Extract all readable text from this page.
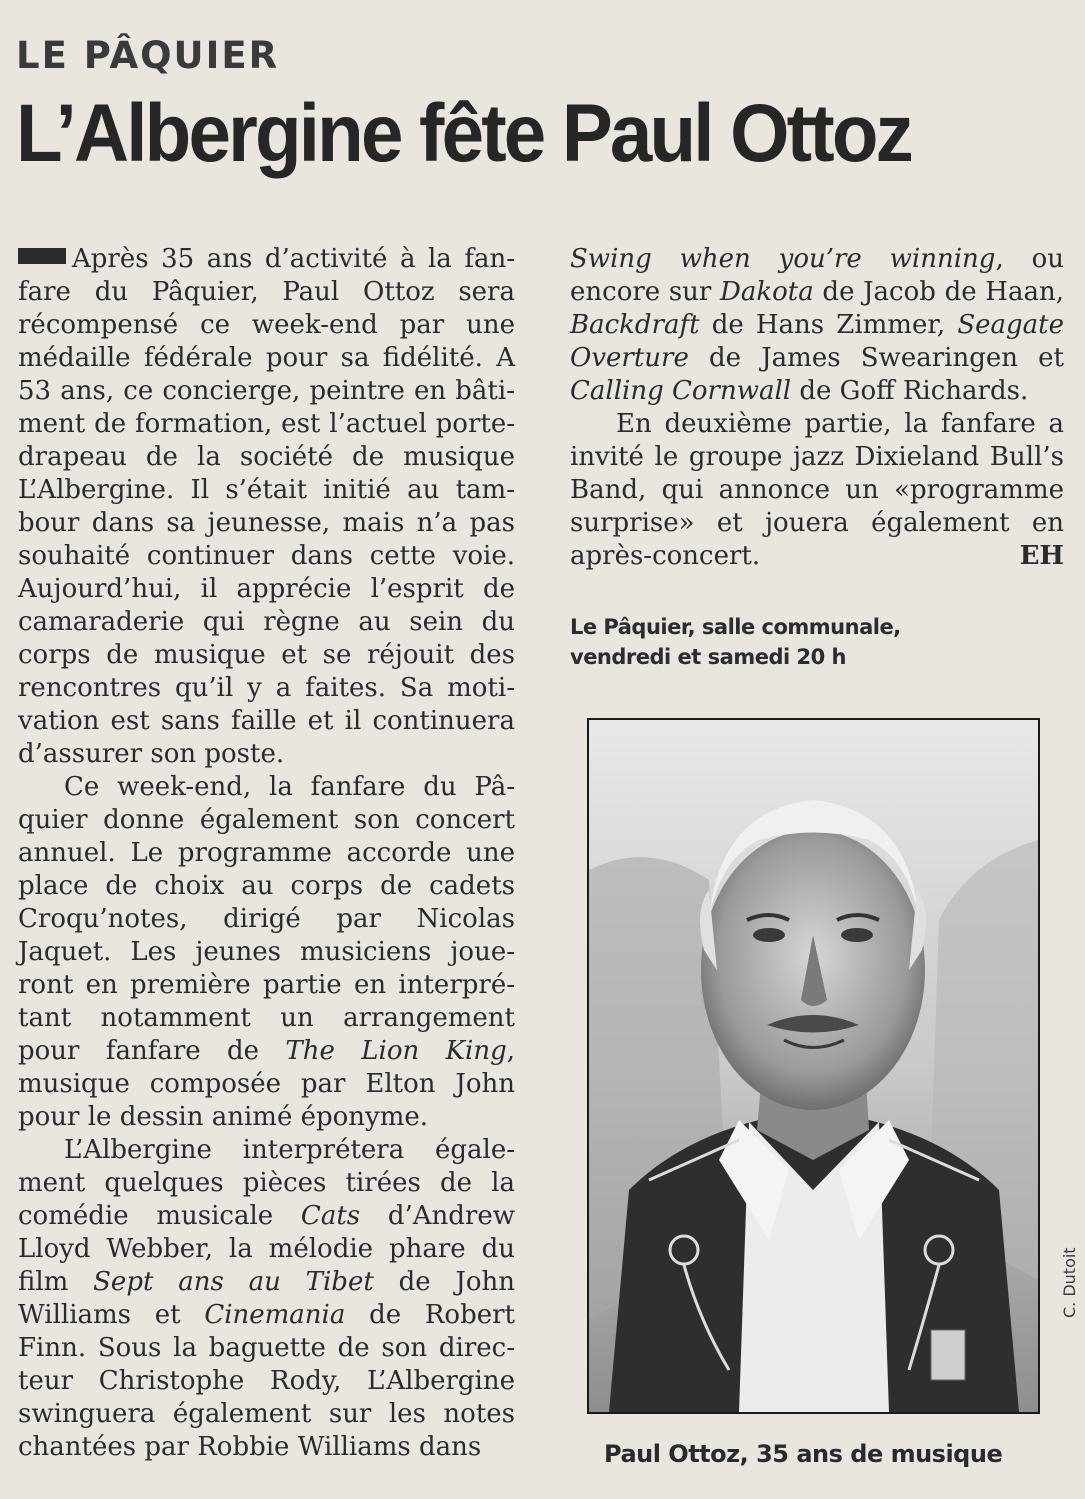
LE PÂQUIER
L’Albergine fête Paul Ottoz

Après 35 ans d’activité à la fanfare du Pâquier, Paul Ottoz sera récompensé ce week-end par une médaille fédérale pour sa fidélité. A 53 ans, ce concierge, peintre en bâtiment de formation, est l’actuel porte-drapeau de la société de musique L’Albergine. Il s’était initié au tambour dans sa jeunesse, mais n’a pas souhaité continuer dans cette voie. Aujourd’hui, il apprécie l’esprit de camaraderie qui règne au sein du corps de musique et se réjouit des rencontres qu’il y a faites. Sa motivation est sans faille et il continuera d’assurer son poste.

Ce week-end, la fanfare du Pâquier donne également son concert annuel. Le programme accorde une place de choix au corps de cadets Croqu’notes, dirigé par Nicolas Jaquet. Les jeunes musiciens joueront en première partie en interprétant notamment un arrangement pour fanfare de The Lion King, musique composée par Elton John pour le dessin animé éponyme.

L’Albergine interprétera également quelques pièces tirées de la comédie musicale Cats d’Andrew Lloyd Webber, la mélodie phare du film Sept ans au Tibet de John Williams et Cinemania de Robert Finn. Sous la baguette de son directeur Christophe Rody, L’Albergine swinguera également sur les notes chantées par Robbie Williams dans

Swing when you’re winning, ou encore sur Dakota de Jacob de Haan, Backdraft de Hans Zimmer, Seagate Overture de James Swearingen et Calling Cornwall de Goff Richards.

En deuxième partie, la fanfare a invité le groupe jazz Dixieland Bull’s Band, qui annonce un «programme surprise» et jouera également en après-concert.	EH

Le Pâquier, salle communale,
vendredi et samedi 20 h

C. Dutoit

Paul Ottoz, 35 ans de musique
